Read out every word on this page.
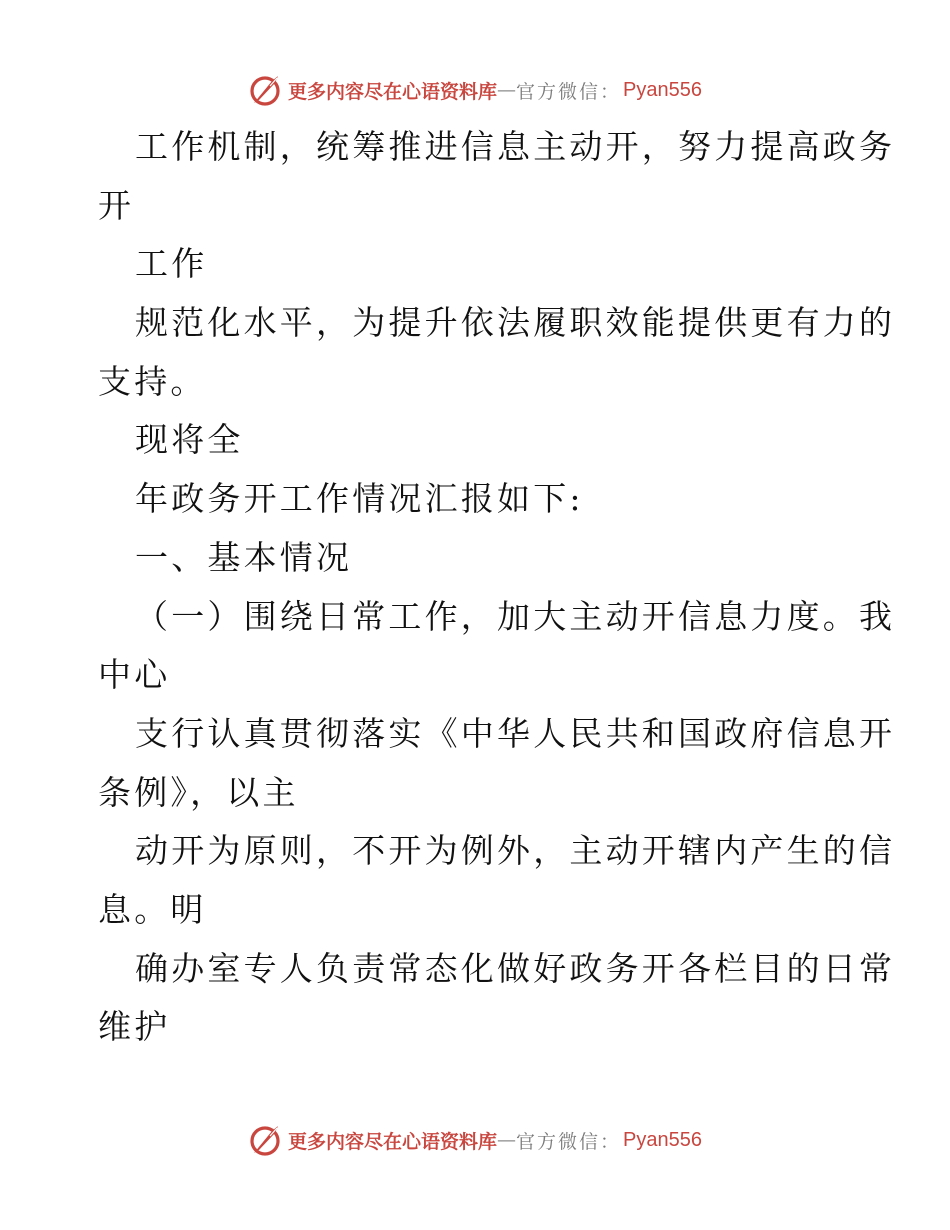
更多内容尽在心语资料库 — 官方微信： Pyan556
工作机制，统筹推进信息主动开，努力提高政务
开
工作
规范化水平，为提升依法履职效能提供更有力的
支持。
现将全
年政务开工作情况汇报如下:
一、基本情况
（一）围绕日常工作，加大主动开信息力度。我
中心
支行认真贯彻落实《中华人民共和国政府信息开
条例》，以主
动开为原则，不开为例外，主动开辖内产生的信
息。明
确办室专人负责常态化做好政务开各栏目的日常
维护
更多内容尽在心语资料库 — 官方微信： Pyan556
